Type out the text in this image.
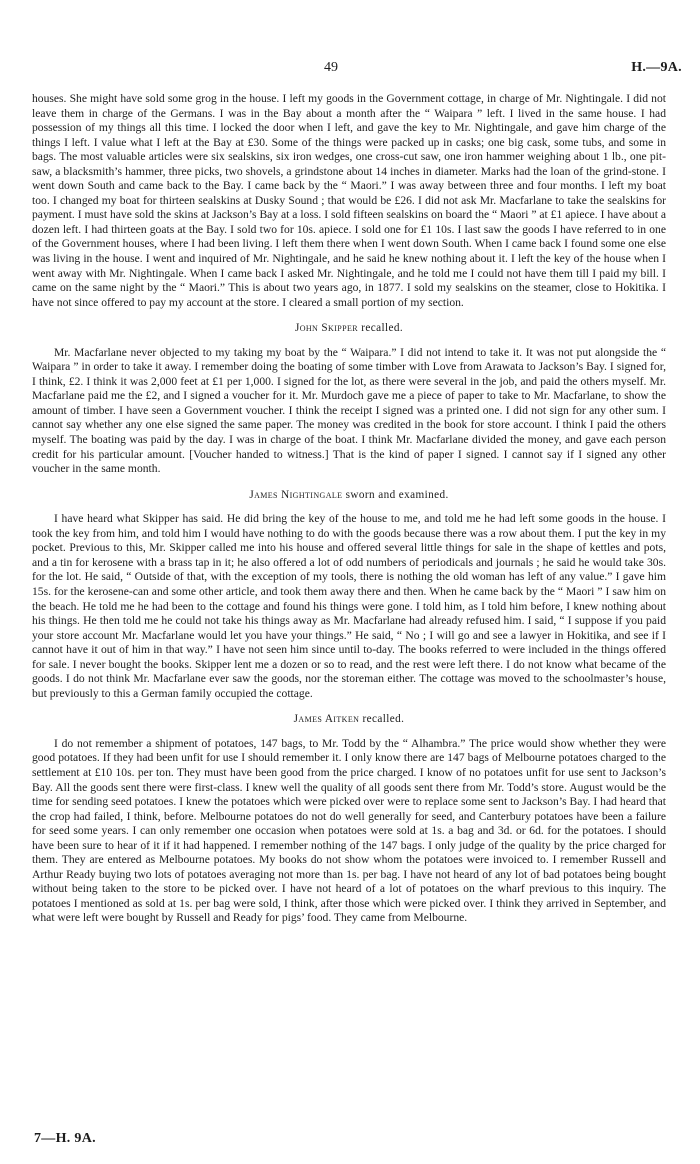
49	H.—9A.

houses. She might have sold some grog in the house. I left my goods in the Government cottage, in charge of Mr. Nightingale. I did not leave them in charge of the Germans. I was in the Bay about a month after the “ Waipara ” left. I lived in the same house. I had possession of my things all this time. I locked the door when I left, and gave the key to Mr. Nightingale, and gave him charge of the things I left. I value what I left at the Bay at £30. Some of the things were packed up in casks; one big cask, some tubs, and some in bags. The most valuable articles were six sealskins, six iron wedges, one cross-cut saw, one iron hammer weighing about 1 lb., one pit-saw, a blacksmith’s hammer, three picks, two shovels, a grindstone about 14 inches in diameter. Marks had the loan of the grind-stone. I went down South and came back to the Bay. I came back by the “ Maori.” I was away between three and four months. I left my boat too. I changed my boat for thirteen sealskins at Dusky Sound ; that would be £26. I did not ask Mr. Macfarlane to take the sealskins for payment. I must have sold the skins at Jackson’s Bay at a loss. I sold fifteen sealskins on board the “ Maori ” at £1 apiece. I have about a dozen left. I had thirteen goats at the Bay. I sold two for 10s. apiece. I sold one for £1 10s. I last saw the goods I have referred to in one of the Government houses, where I had been living. I left them there when I went down South. When I came back I found some one else was living in the house. I went and inquired of Mr. Nightingale, and he said he knew nothing about it. I left the key of the house when I went away with Mr. Nightingale. When I came back I asked Mr. Nightingale, and he told me I could not have them till I paid my bill. I came on the same night by the “ Maori.” This is about two years ago, in 1877. I sold my sealskins on the steamer, close to Hokitika. I have not since offered to pay my account at the store. I cleared a small portion of my section.

John Skipper recalled.

Mr. Macfarlane never objected to my taking my boat by the “ Waipara.” I did not intend to take it. It was not put alongside the “ Waipara ” in order to take it away. I remember doing the boating of some timber with Love from Arawata to Jackson’s Bay. I signed for, I think, £2. I think it was 2,000 feet at £1 per 1,000. I signed for the lot, as there were several in the job, and paid the others myself. Mr. Macfarlane paid me the £2, and I signed a voucher for it. Mr. Murdoch gave me a piece of paper to take to Mr. Macfarlane, to show the amount of timber. I have seen a Government voucher. I think the receipt I signed was a printed one. I did not sign for any other sum. I cannot say whether any one else signed the same paper. The money was credited in the book for store account. I think I paid the others myself. The boating was paid by the day. I was in charge of the boat. I think Mr. Macfarlane divided the money, and gave each person credit for his particular amount. [Voucher handed to witness.] That is the kind of paper I signed. I cannot say if I signed any other voucher in the same month.

James Nightingale sworn and examined.

I have heard what Skipper has said. He did bring the key of the house to me, and told me he had left some goods in the house. I took the key from him, and told him I would have nothing to do with the goods because there was a row about them. I put the key in my pocket. Previous to this, Mr. Skipper called me into his house and offered several little things for sale in the shape of kettles and pots, and a tin for kerosene with a brass tap in it; he also offered a lot of odd numbers of periodicals and journals ; he said he would take 30s. for the lot. He said, “ Outside of that, with the exception of my tools, there is nothing the old woman has left of any value.” I gave him 15s. for the kerosene-can and some other article, and took them away there and then. When he came back by the “ Maori ” I saw him on the beach. He told me he had been to the cottage and found his things were gone. I told him, as I told him before, I knew nothing about his things. He then told me he could not take his things away as Mr. Macfarlane had already refused him. I said, “ I suppose if you paid your store account Mr. Macfarlane would let you have your things.” He said, “ No ; I will go and see a lawyer in Hokitika, and see if I cannot have it out of him in that way.” I have not seen him since until to-day. The books referred to were included in the things offered for sale. I never bought the books. Skipper lent me a dozen or so to read, and the rest were left there. I do not know what became of the goods. I do not think Mr. Macfarlane ever saw the goods, nor the storeman either. The cottage was moved to the schoolmaster’s house, but previously to this a German family occupied the cottage.

James Aitken recalled.

I do not remember a shipment of potatoes, 147 bags, to Mr. Todd by the “ Alhambra.” The price would show whether they were good potatoes. If they had been unfit for use I should remember it. I only know there are 147 bags of Melbourne potatoes charged to the settlement at £10 10s. per ton. They must have been good from the price charged. I know of no potatoes unfit for use sent to Jackson’s Bay. All the goods sent there were first-class. I knew well the quality of all goods sent there from Mr. Todd’s store. August would be the time for sending seed potatoes. I knew the potatoes which were picked over were to replace some sent to Jackson’s Bay. I had heard that the crop had failed, I think, before. Melbourne potatoes do not do well generally for seed, and Canterbury potatoes have been a failure for seed some years. I can only remember one occasion when potatoes were sold at 1s. a bag and 3d. or 6d. for the potatoes. I should have been sure to hear of it if it had happened. I remember nothing of the 147 bags. I only judge of the quality by the price charged for them. They are entered as Melbourne potatoes. My books do not show whom the potatoes were invoiced to. I remember Russell and Arthur Ready buying two lots of potatoes averaging not more than 1s. per bag. I have not heard of any lot of bad potatoes being bought without being taken to the store to be picked over. I have not heard of a lot of potatoes on the wharf previous to this inquiry. The potatoes I mentioned as sold at 1s. per bag were sold, I think, after those which were picked over. I think they arrived in September, and what were left were bought by Russell and Ready for pigs’ food. They came from Melbourne.

7—H. 9A.
